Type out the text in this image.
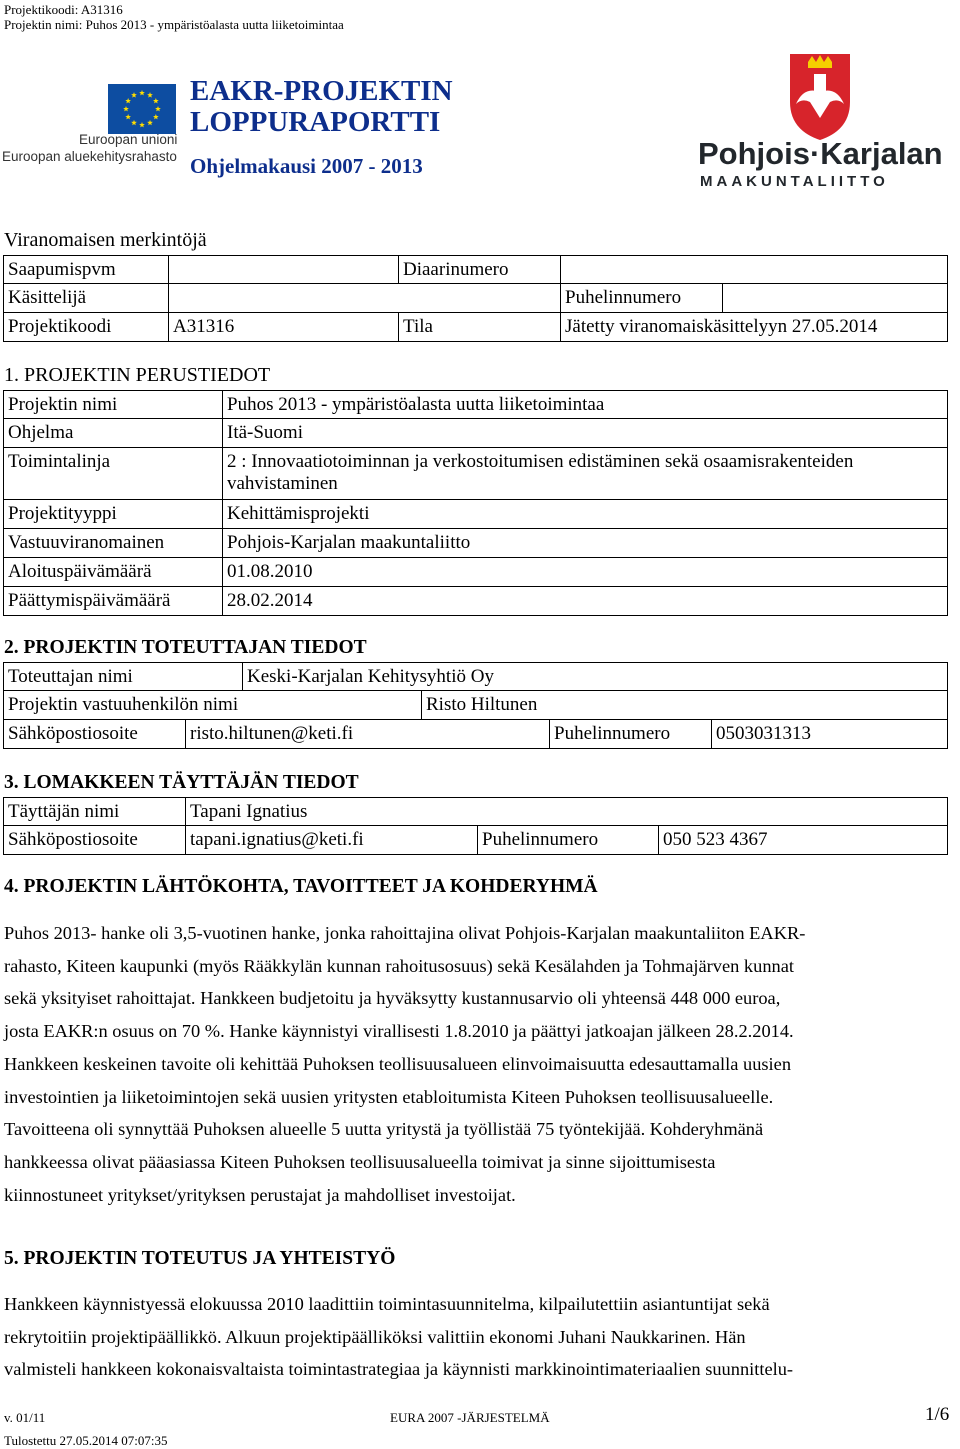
Projektikoodi: A31316
Projektin nimi: Puhos 2013 - ympäristöalasta uutta liiketoimintaa
Euroopan unioni
Euroopan aluekehitysrahasto
EAKR-PROJEKTIN
LOPPURAPORTTI
Ohjelmakausi 2007 - 2013	Pohjois·Karjalan
MAAKUNTALIITTO
Viranomaisen merkintöjä
Saapumispvm	Diaarinumero
Käsittelijä	Puhelinnumero
Projektikoodi	A31316	Tila	Jätetty viranomaiskäsittelyyn 27.05.2014
1. PROJEKTIN PERUSTIEDOT
Projektin nimi	Puhos 2013 - ympäristöalasta uutta liiketoimintaa
Ohjelma	Itä-Suomi
Toimintalinja	2 : Innovaatiotoiminnan ja verkostoitumisen edistäminen sekä osaamisrakenteiden
vahvistaminen
Projektityyppi	Kehittämisprojekti
Vastuuviranomainen	Pohjois-Karjalan maakuntaliitto
Aloituspäivämäärä	01.08.2010
Päättymispäivämäärä	28.02.2014
2. PROJEKTIN TOTEUTTAJAN TIEDOT
Toteuttajan nimi	Keski-Karjalan Kehitysyhtiö Oy
Projektin vastuuhenkilön nimi	Risto Hiltunen
Sähköpostiosoite	risto.hiltunen@keti.fi	Puhelinnumero	0503031313
3. LOMAKKEEN TÄYTTÄJÄN TIEDOT
Täyttäjän nimi	Tapani Ignatius
Sähköpostiosoite	tapani.ignatius@keti.fi	Puhelinnumero	050 523 4367
4. PROJEKTIN LÄHTÖKOHTA, TAVOITTEET JA KOHDERYHMÄ
Puhos 2013- hanke oli 3,5-vuotinen hanke, jonka rahoittajina olivat Pohjois-Karjalan maakuntaliiton EAKR-
rahasto, Kiteen kaupunki (myös Rääkkylän kunnan rahoitusosuus) sekä Kesälahden ja Tohmajärven kunnat
sekä yksityiset rahoittajat. Hankkeen budjetoitu ja hyväksytty kustannusarvio oli yhteensä 448 000 euroa,
josta EAKR:n osuus on 70 %. Hanke käynnistyi virallisesti 1.8.2010 ja päättyi jatkoajan jälkeen 28.2.2014.
Hankkeen keskeinen tavoite oli kehittää Puhoksen teollisuusalueen elinvoimaisuutta edesauttamalla uusien
investointien ja liiketoimintojen sekä uusien yritysten etabloitumista Kiteen Puhoksen teollisuusalueelle.
Tavoitteena oli synnyttää Puhoksen alueelle 5 uutta yritystä ja työllistää 75 työntekijää. Kohderyhmänä
hankkeessa olivat pääasiassa Kiteen Puhoksen teollisuusalueella toimivat ja sinne sijoittumisesta
kiinnostuneet yritykset/yrityksen perustajat ja mahdolliset investoijat.
5. PROJEKTIN TOTEUTUS JA YHTEISTYÖ
Hankkeen käynnistyessä elokuussa 2010 laadittiin toimintasuunnitelma, kilpailutettiin asiantuntijat sekä
rekrytoitiin projektipäällikkö. Alkuun projektipäälliköksi valittiin ekonomi Juhani Naukkarinen. Hän
valmisteli hankkeen kokonaisvaltaista toimintastrategiaa ja käynnisti markkinointimateriaalien suunnittelu-
v. 01/11	EURA 2007 -JÄRJESTELMÄ	1/6
Tulostettu 27.05.2014 07:07:35
